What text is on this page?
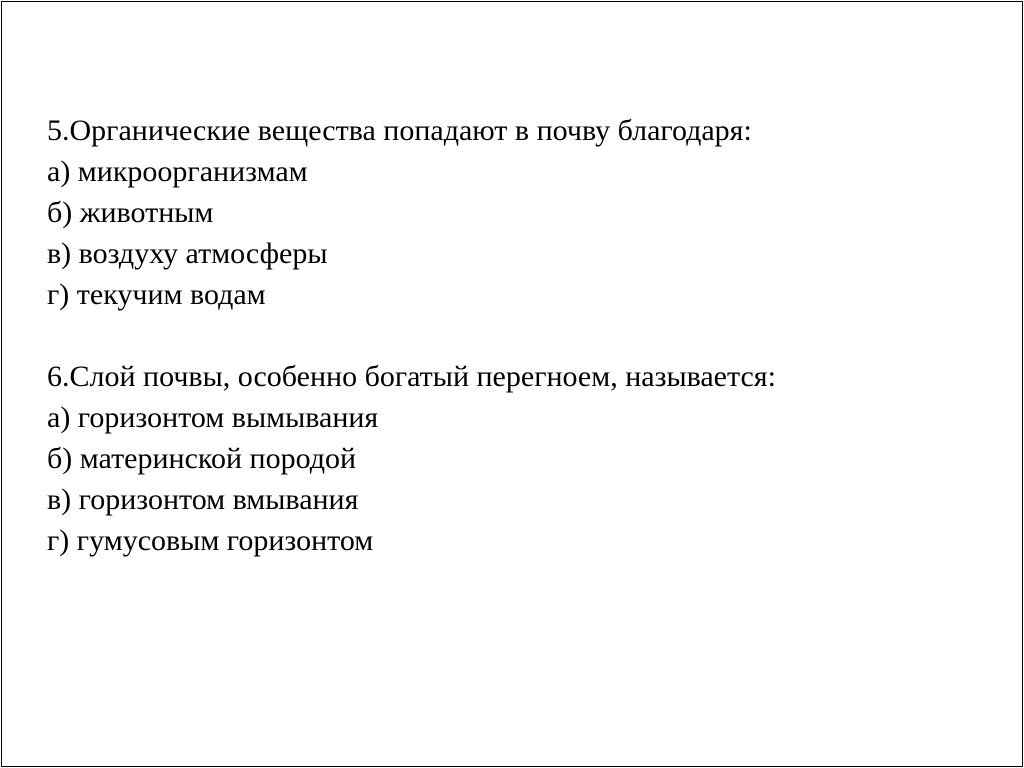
5.Органические вещества попадают в почву благодаря:
а) микроорганизмам
б) животным
в) воздуху атмосферы
г) текучим водам
6.Слой почвы, особенно богатый перегноем, называется:
а) горизонтом вымывания
б) материнской породой
в) горизонтом вмывания
г) гумусовым горизонтом
